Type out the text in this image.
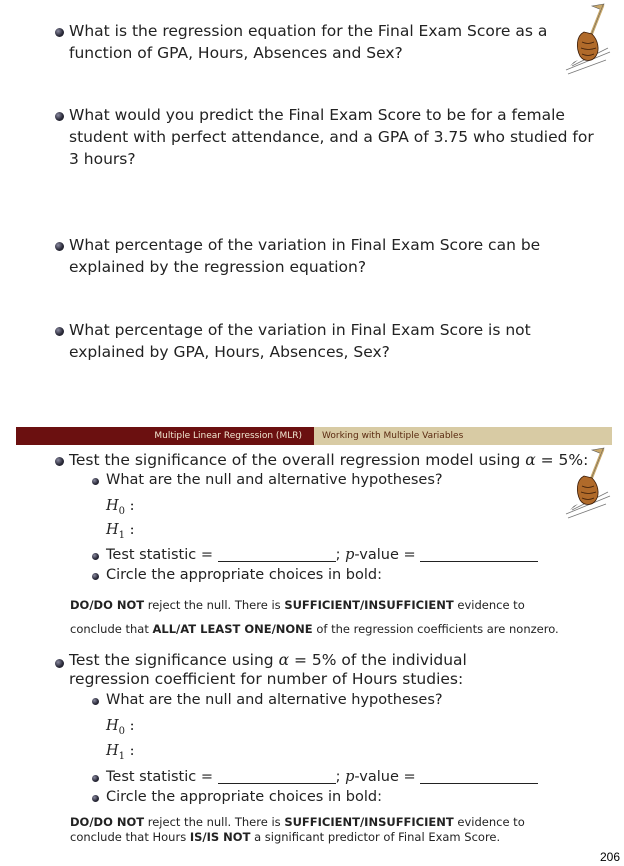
What is the regression equation for the Final Exam Score as a function of GPA, Hours, Absences and Sex?
What would you predict the Final Exam Score to be for a female student with perfect attendance, and a GPA of 3.75 who studied for 3 hours?
What percentage of the variation in Final Exam Score can be explained by the regression equation?
What percentage of the variation in Final Exam Score is not explained by GPA, Hours, Absences, Sex?
Multiple Linear Regression (MLR)	Working with Multiple Variables
Test the significance of the overall regression model using α = 5%:
What are the null and alternative hypotheses?
$H_0$ :
$H_1$ :
Test statistic =	; p-value =
Circle the appropriate choices in bold:
DO/DO NOT reject the null. There is SUFFICIENT/INSUFFICIENT evidence to
conclude that ALL/AT LEAST ONE/NONE of the regression coefficients are nonzero.
Test the significance using α = 5% of the individual regression coefficient for number of Hours studies:
What are the null and alternative hypotheses?
$H_0$ :
$H_1$ :
Test statistic =	; p-value =
Circle the appropriate choices in bold:
DO/DO NOT reject the null. There is SUFFICIENT/INSUFFICIENT evidence to
conclude that Hours IS/IS NOT a significant predictor of Final Exam Score.
206
